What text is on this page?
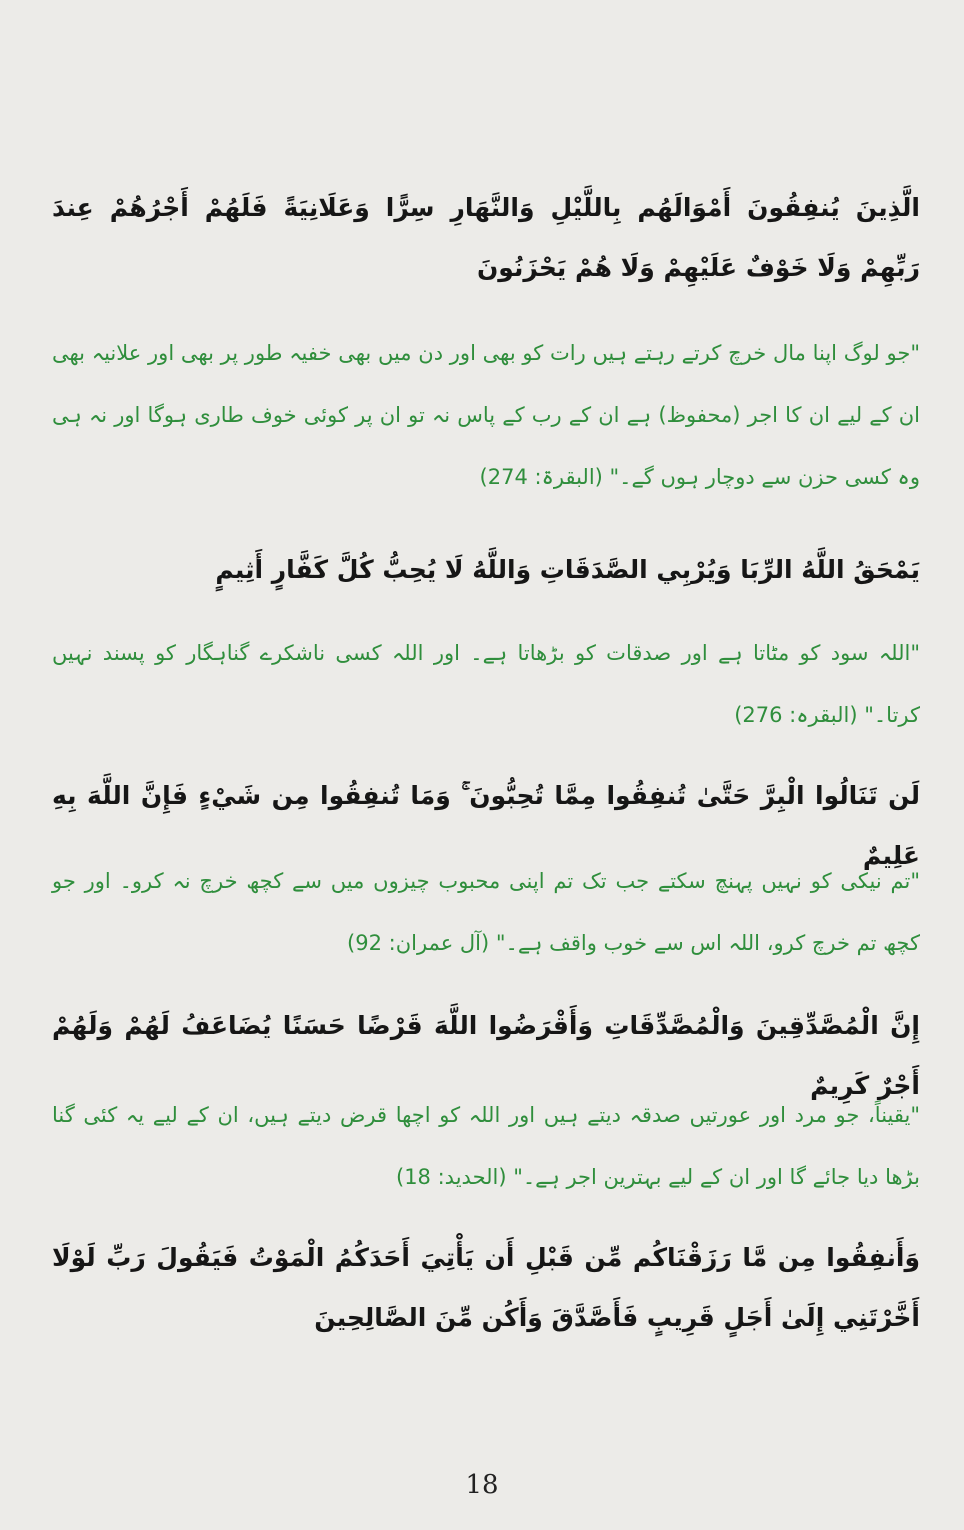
الَّذِينَ يُنفِقُونَ أَمْوَالَهُم بِاللَّيْلِ وَالنَّهَارِ سِرًّا وَعَلَانِيَةً فَلَهُمْ أَجْرُهُمْ عِندَ رَبِّهِمْ وَلَا خَوْفٌ عَلَيْهِمْ وَلَا هُمْ يَحْزَنُونَ

"جو لوگ اپنا مال خرچ کرتے رہتے ہیں رات کو بھی اور دن میں بھی خفیہ طور پر بھی اور علانیہ بھی ان کے لیے ان کا اجر (محفوظ) ہے ان کے رب کے پاس نہ تو ان پر کوئی خوف طاری ہوگا اور نہ ہی وہ کسی حزن سے دوچار ہوں گے۔" (البقرۃ: 274)

يَمْحَقُ اللَّهُ الرِّبَا وَيُرْبِي الصَّدَقَاتِ وَاللَّهُ لَا يُحِبُّ كُلَّ كَفَّارٍ أَثِيمٍ

"اللہ سود کو مٹاتا ہے اور صدقات کو بڑھاتا ہے۔ اور اللہ کسی ناشکرے گناہگار کو پسند نہیں کرتا۔" (البقرہ: 276)

لَن تَنَالُوا الْبِرَّ حَتَّىٰ تُنفِقُوا مِمَّا تُحِبُّونَ ۚ وَمَا تُنفِقُوا مِن شَيْءٍ فَإِنَّ اللَّهَ بِهِ عَلِيمٌ

"تم نیکی کو نہیں پہنچ سکتے جب تک تم اپنی محبوب چیزوں میں سے کچھ خرچ نہ کرو۔ اور جو کچھ تم خرچ کرو، اللہ اس سے خوب واقف ہے۔" (آل عمران: 92)

إِنَّ الْمُصَّدِّقِينَ وَالْمُصَّدِّقَاتِ وَأَقْرَضُوا اللَّهَ قَرْضًا حَسَنًا يُضَاعَفُ لَهُمْ وَلَهُمْ أَجْرٌ كَرِيمٌ

"یقیناً، جو مرد اور عورتیں صدقہ دیتے ہیں اور اللہ کو اچھا قرض دیتے ہیں، ان کے لیے یہ کئی گنا بڑھا دیا جائے گا اور ان کے لیے بہترین اجر ہے۔" (الحدید: 18)

وَأَنفِقُوا مِن مَّا رَزَقْنَاكُم مِّن قَبْلِ أَن يَأْتِيَ أَحَدَكُمُ الْمَوْتُ فَيَقُولَ رَبِّ لَوْلَا أَخَّرْتَنِي إِلَىٰ أَجَلٍ قَرِيبٍ فَأَصَّدَّقَ وَأَكُن مِّنَ الصَّالِحِينَ

18
